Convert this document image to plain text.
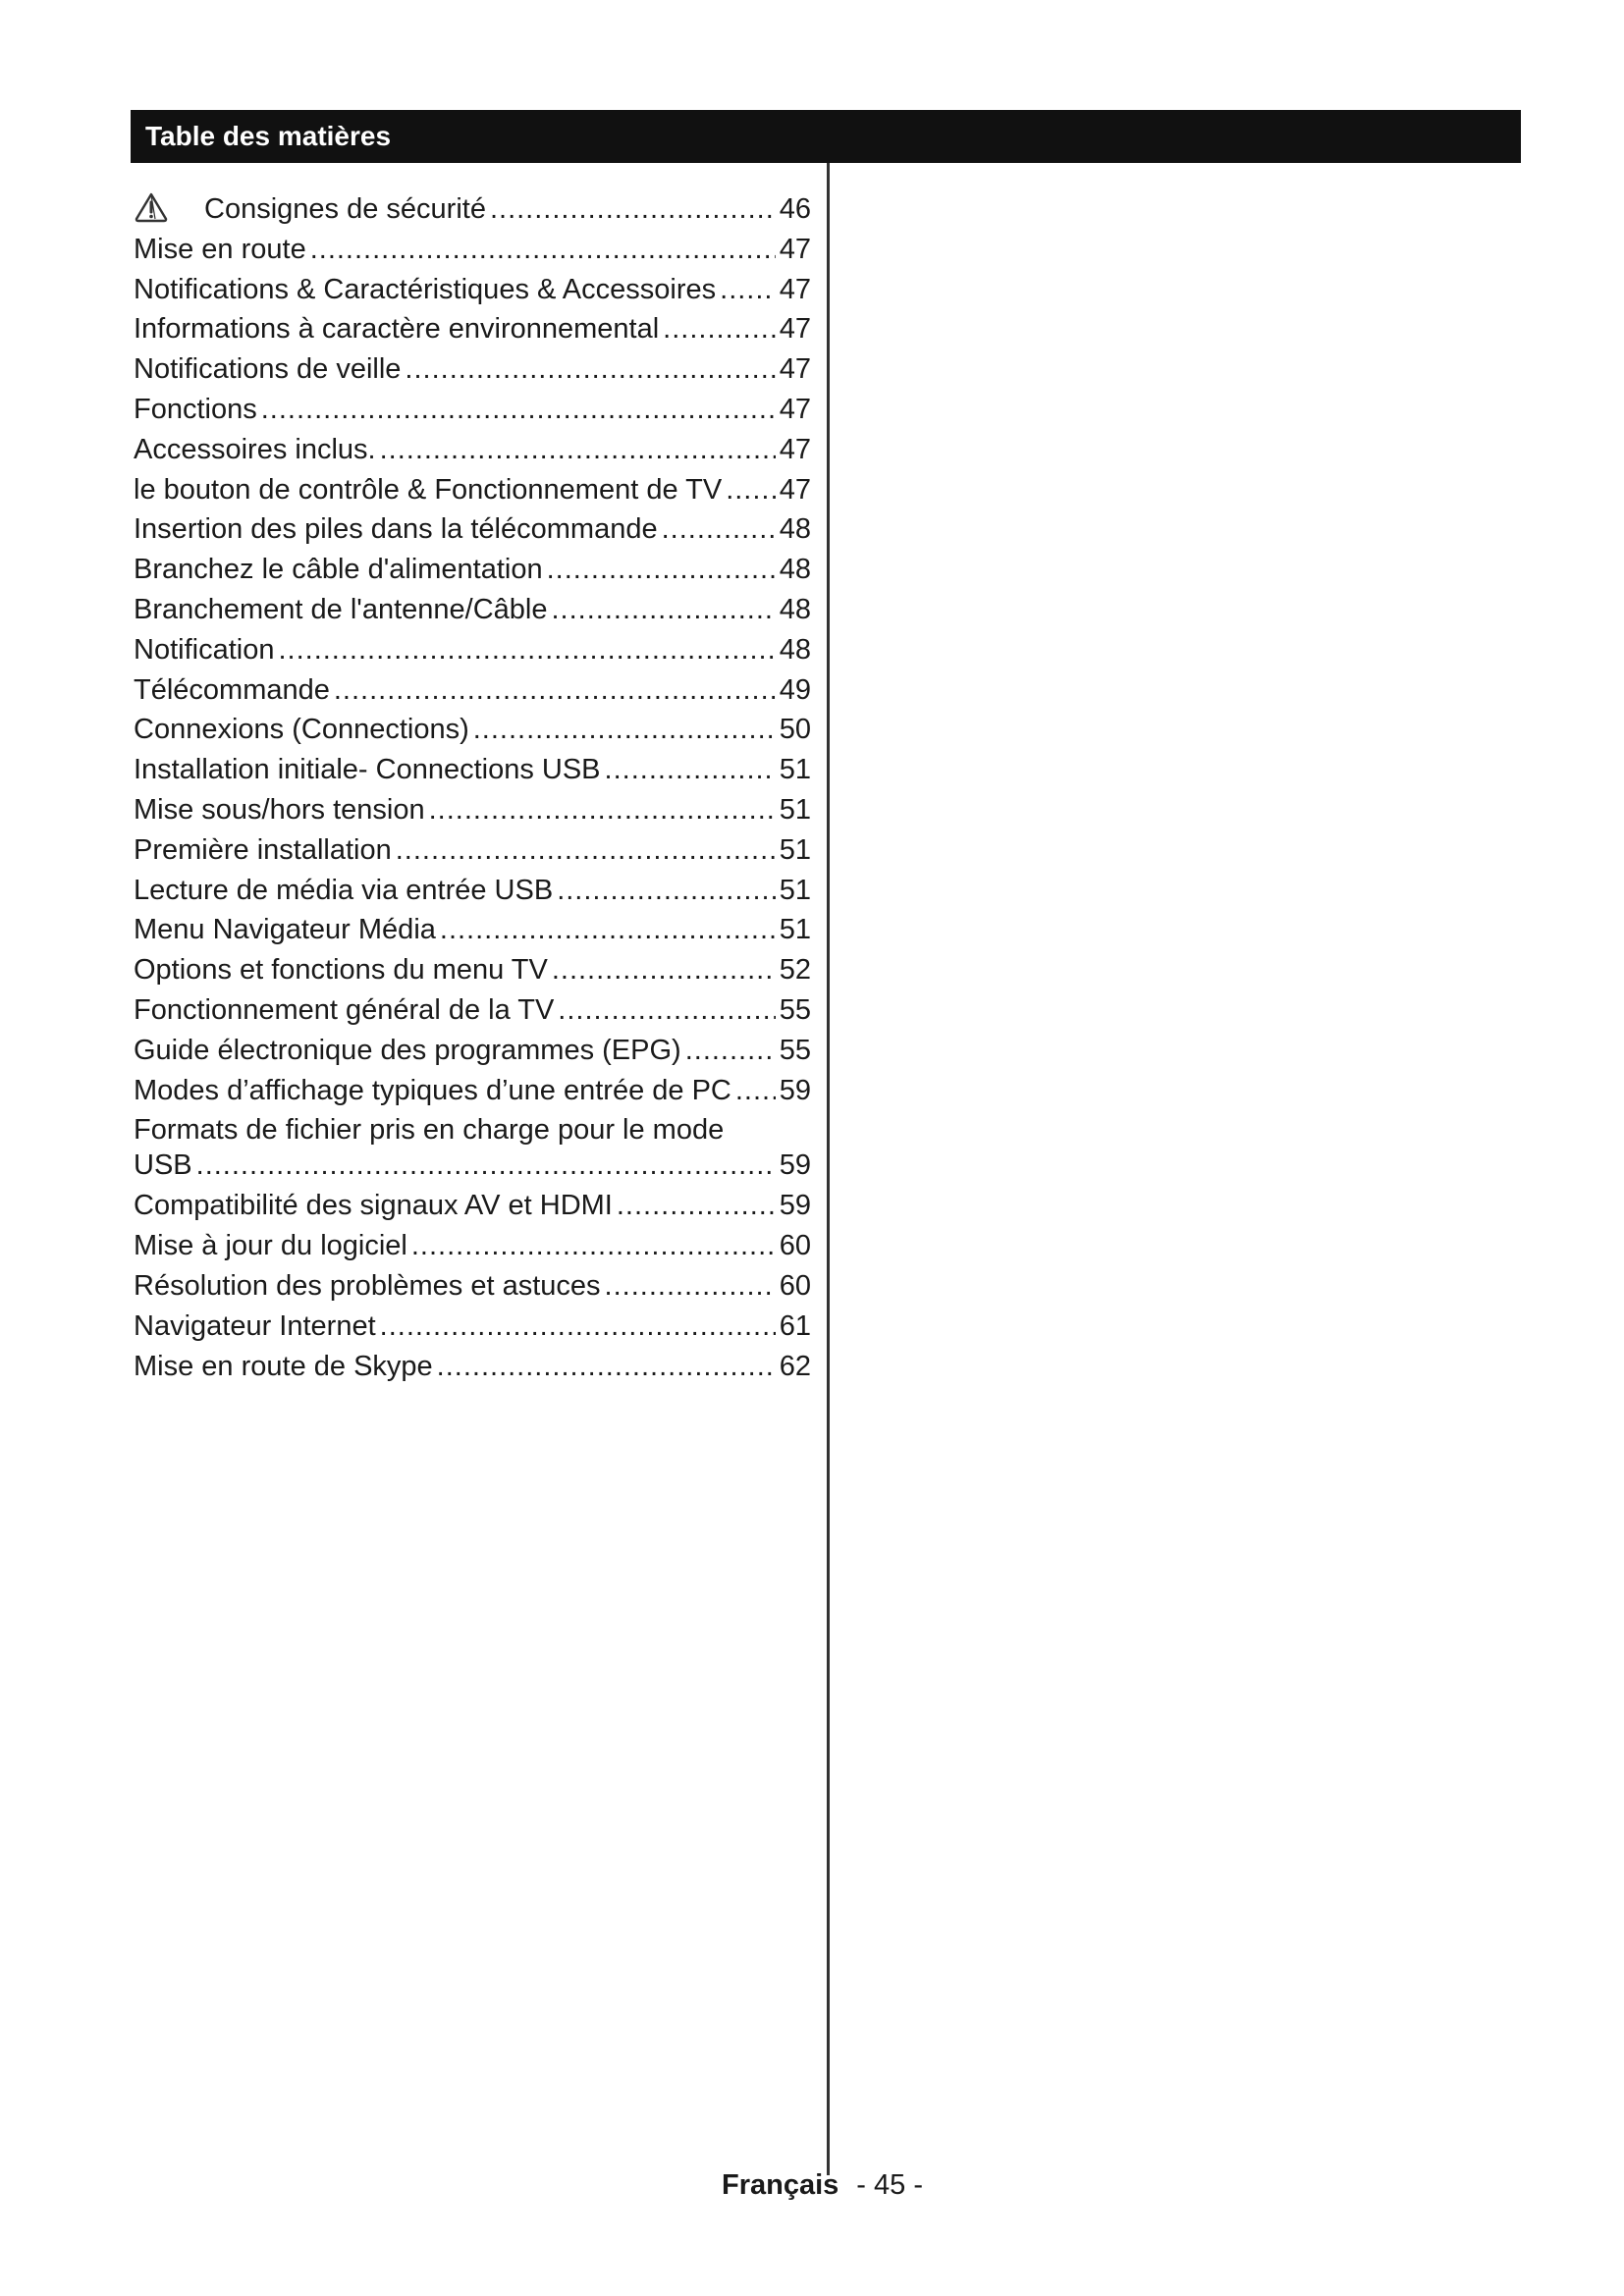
Table des matières
Consignes de sécurité .....	46
Mise en route .....	47
Notifications & Caractéristiques & Accessoires ..... 47
Informations à caractère environnemental .....	47
Notifications de veille .....	47
Fonctions .....	47
Accessoires inclus. .....	47
le bouton de contrôle & Fonctionnement de TV ..... 47
Insertion des piles dans la télécommande .....	48
Branchez le câble d'alimentation .....	48
Branchement de l'antenne/Câble .....	48
Notification .....	48
Télécommande .....	49
Connexions (Connections) .....	50
Installation initiale- Connections USB .....	51
Mise sous/hors tension .....	51
Première installation .....	51
Lecture de média via entrée USB .....	51
Menu Navigateur Média .....	51
Options et fonctions du menu TV .....	52
Fonctionnement général de la TV .....	55
Guide électronique des programmes (EPG) .....	55
Modes d’affichage typiques d’une entrée de PC ..... 59
Formats de fichier pris en charge pour le mode
USB .....	59
Compatibilité des signaux AV et HDMI .....	59
Mise à jour du logiciel .....	60
Résolution des problèmes et astuces .....	60
Navigateur Internet .....	61
Mise en route de Skype .....	62
Français - 45 -
